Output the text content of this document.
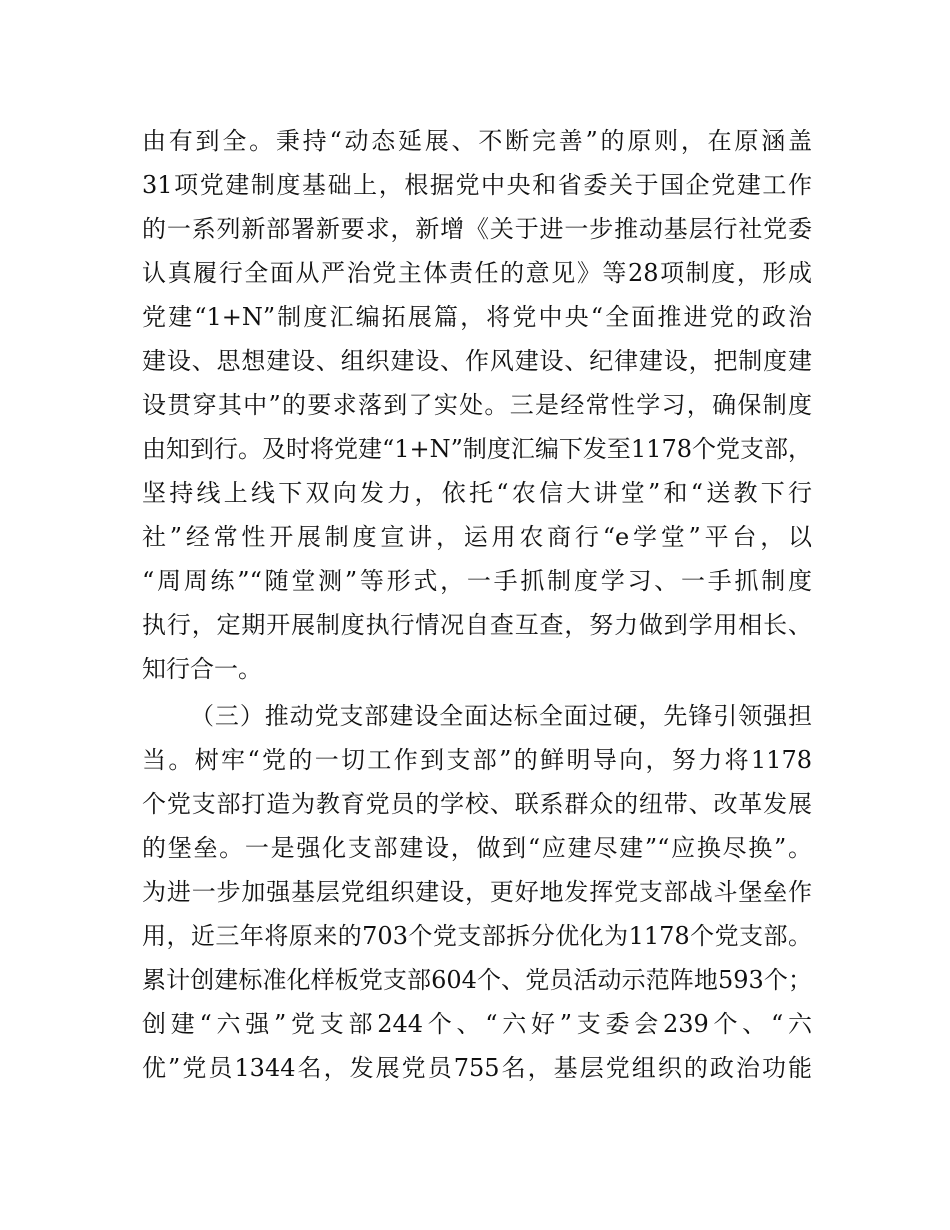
由有到全。秉持“动态延展、不断完善”的原则，在原涵盖
31项党建制度基础上，根据党中央和省委关于国企党建工作
的一系列新部署新要求，新增《关于进一步推动基层行社党委
认真履行全面从严治党主体责任的意见》等28项制度，形成
党建“1+N”制度汇编拓展篇，将党中央“全面推进党的政治
建设、思想建设、组织建设、作风建设、纪律建设，把制度建
设贯穿其中”的要求落到了实处。三是经常性学习，确保制度
由知到行。及时将党建“1+N”制度汇编下发至1178个党支部，
坚持线上线下双向发力，依托“农信大讲堂”和“送教下行
社”经常性开展制度宣讲，运用农商行“e学堂”平台，以
“周周练”“随堂测”等形式，一手抓制度学习、一手抓制度
执行，定期开展制度执行情况自查互查，努力做到学用相长、
知行合一。
（三）推动党支部建设全面达标全面过硬，先锋引领强担
当。树牢“党的一切工作到支部”的鲜明导向，努力将1178
个党支部打造为教育党员的学校、联系群众的纽带、改革发展
的堡垒。一是强化支部建设，做到“应建尽建”“应换尽换”。
为进一步加强基层党组织建设，更好地发挥党支部战斗堡垒作
用，近三年将原来的703个党支部拆分优化为1178个党支部。
累计创建标准化样板党支部604个、党员活动示范阵地593个；
创建“六强”党支部244个、“六好”支委会239个、“六
优”党员1344名，发展党员755名，基层党组织的政治功能
